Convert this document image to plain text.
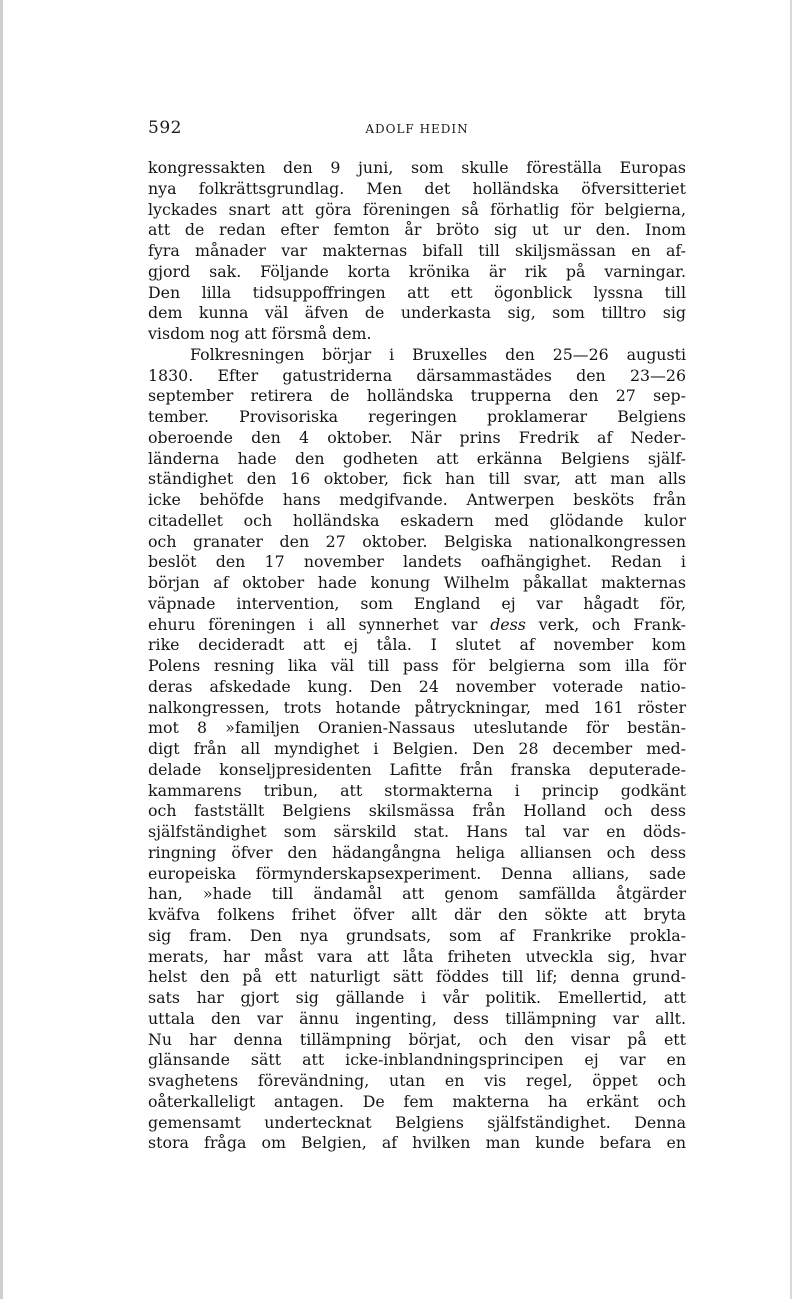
592	ADOLF HEDIN
kongressakten den 9 juni, som skulle föreställa Europas
nya folkrättsgrundlag. Men det holländska öfversitteriet
lyckades snart att göra föreningen så förhatlig för belgierna,
att de redan efter femton år bröto sig ut ur den. Inom
fyra månader var makternas bifall till skiljsmässan en af-
gjord sak. Följande korta krönika är rik på varningar.
Den lilla tidsuppoffringen att ett ögonblick lyssna till
dem kunna väl äfven de underkasta sig, som tilltro sig
visdom nog att försmå dem.
Folkresningen börjar i Bruxelles den 25—26 augusti
1830. Efter gatustriderna därsammastädes den 23—26
september retirera de holländska trupperna den 27 sep-
tember. Provisoriska regeringen proklamerar Belgiens
oberoende den 4 oktober. När prins Fredrik af Neder-
länderna hade den godheten att erkänna Belgiens själf-
ständighet den 16 oktober, fick han till svar, att man alls
icke behöfde hans medgifvande. Antwerpen besköts från
citadellet och holländska eskadern med glödande kulor
och granater den 27 oktober. Belgiska nationalkongressen
beslöt den 17 november landets oafhängighet. Redan i
början af oktober hade konung Wilhelm påkallat makternas
väpnade intervention, som England ej var hågadt för,
ehuru föreningen i all synnerhet var dess verk, och Frank-
rike decideradt att ej tåla. I slutet af november kom
Polens resning lika väl till pass för belgierna som illa för
deras afskedade kung. Den 24 november voterade natio-
nalkongressen, trots hotande påtryckningar, med 161 röster
mot 8 »familjen Oranien-Nassaus uteslutande för bestän-
digt från all myndighet i Belgien. Den 28 december med-
delade konseljpresidenten Lafitte från franska deputerade-
kammarens tribun, att stormakterna i princip godkänt
och fastställt Belgiens skilsmässa från Holland och dess
själfständighet som särskild stat. Hans tal var en döds-
ringning öfver den hädangångna heliga alliansen och dess
europeiska förmynderskapsexperiment. Denna allians, sade
han, »hade till ändamål att genom samfällda åtgärder
kväfva folkens frihet öfver allt där den sökte att bryta
sig fram. Den nya grundsats, som af Frankrike prokla-
merats, har måst vara att låta friheten utveckla sig, hvar
helst den på ett naturligt sätt föddes till lif; denna grund-
sats har gjort sig gällande i vår politik. Emellertid, att
uttala den var ännu ingenting, dess tillämpning var allt.
Nu har denna tillämpning börjat, och den visar på ett
glänsande sätt att icke-inblandningsprincipen ej var en
svaghetens förevändning, utan en vis regel, öppet och
oåterkalleligt antagen. De fem makterna ha erkänt och
gemensamt undertecknat Belgiens själfständighet. Denna
stora fråga om Belgien, af hvilken man kunde befara en
